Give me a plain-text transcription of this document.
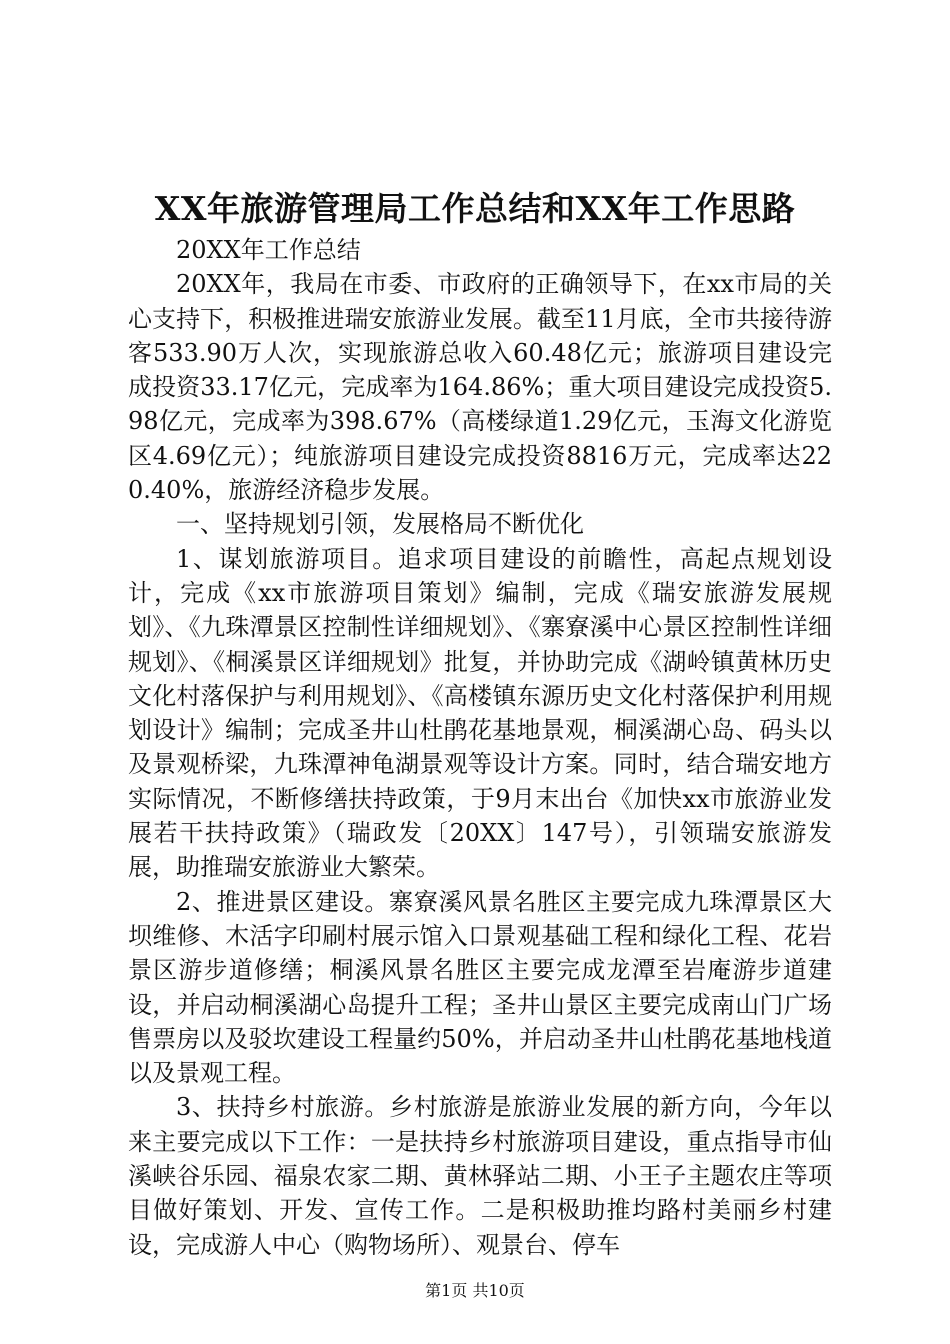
XX年旅游管理局工作总结和XX年工作思路

20XX年工作总结

20XX年，我局在市委、市政府的正确领导下，在xx市局的关心支持下，积极推进瑞安旅游业发展。截至11月底，全市共接待游客533.90万人次，实现旅游总收入60.48亿元；旅游项目建设完成投资33.17亿元，完成率为164.86%；重大项目建设完成投资5.98亿元，完成率为398.67%（高楼绿道1.29亿元，玉海文化游览区4.69亿元）；纯旅游项目建设完成投资8816万元，完成率达220.40%，旅游经济稳步发展。

一、坚持规划引领，发展格局不断优化

1、谋划旅游项目。追求项目建设的前瞻性，高起点规划设计，完成《xx市旅游项目策划》编制，完成《瑞安旅游发展规划》、《九珠潭景区控制性详细规划》、《寨寮溪中心景区控制性详细规划》、《桐溪景区详细规划》批复，并协助完成《湖岭镇黄林历史文化村落保护与利用规划》、《高楼镇东源历史文化村落保护利用规划设计》编制；完成圣井山杜鹃花基地景观，桐溪湖心岛、码头以及景观桥梁，九珠潭神龟湖景观等设计方案。同时，结合瑞安地方实际情况，不断修缮扶持政策，于9月末出台《加快xx市旅游业发展若干扶持政策》（瑞政发〔20XX〕147号），引领瑞安旅游发展，助推瑞安旅游业大繁荣。

2、推进景区建设。寨寮溪风景名胜区主要完成九珠潭景区大坝维修、木活字印刷村展示馆入口景观基础工程和绿化工程、花岩景区游步道修缮；桐溪风景名胜区主要完成龙潭至岩庵游步道建设，并启动桐溪湖心岛提升工程；圣井山景区主要完成南山门广场售票房以及驳坎建设工程量约50%，并启动圣井山杜鹃花基地栈道以及景观工程。

3、扶持乡村旅游。乡村旅游是旅游业发展的新方向，今年以来主要完成以下工作：一是扶持乡村旅游项目建设，重点指导市仙溪峡谷乐园、福泉农家二期、黄林驿站二期、小王子主题农庄等项目做好策划、开发、宣传工作。二是积极助推均路村美丽乡村建设，完成游人中心（购物场所）、观景台、停车

第1页 共10页
